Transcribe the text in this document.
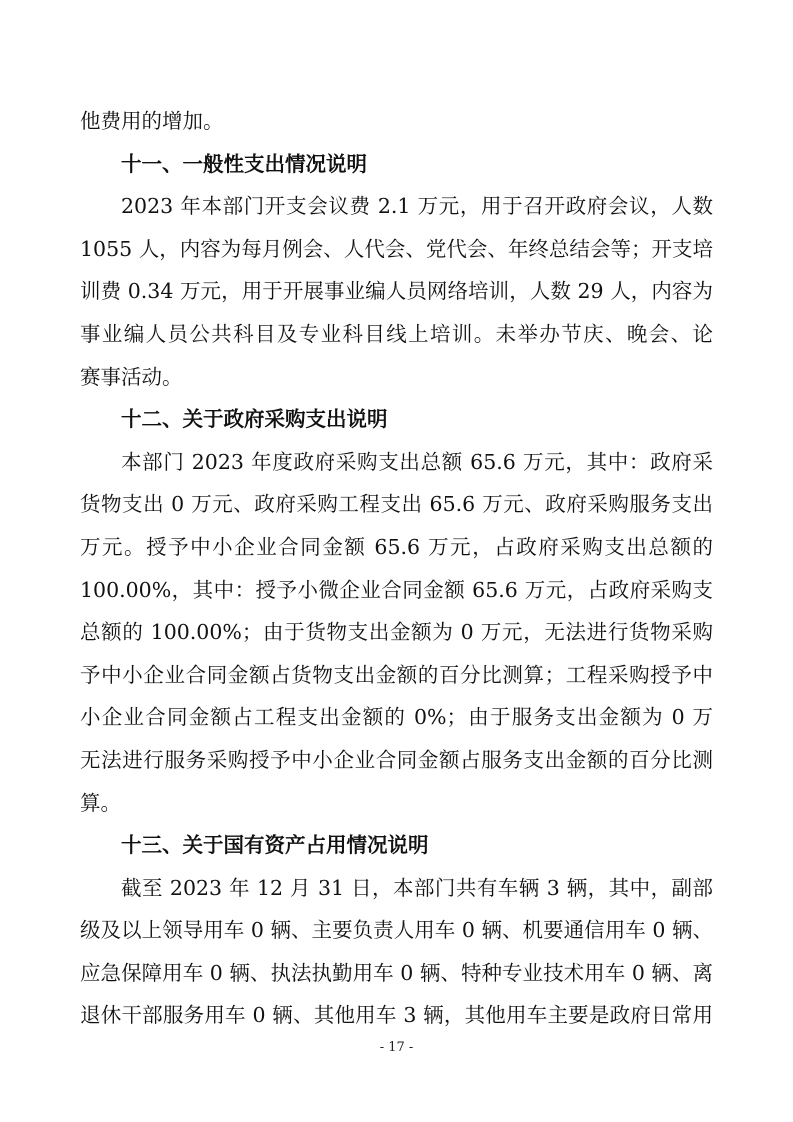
他费用的增加。

十一、一般性支出情况说明

2023 年本部门开支会议费 2.1 万元，用于召开政府会议，人数
1055 人，内容为每月例会、人代会、党代会、年终总结会等；开支培
训费 0.34 万元，用于开展事业编人员网络培训，人数 29 人，内容为
事业编人员公共科目及专业科目线上培训。未举办节庆、晚会、论
赛事活动。

十二、关于政府采购支出说明

本部门 2023 年度政府采购支出总额 65.6 万元，其中：政府采
货物支出 0 万元、政府采购工程支出 65.6 万元、政府采购服务支出
万元。授予中小企业合同金额 65.6 万元，占政府采购支出总额的
100.00%，其中：授予小微企业合同金额 65.6 万元，占政府采购支
总额的 100.00%；由于货物支出金额为 0 万元，无法进行货物采购
予中小企业合同金额占货物支出金额的百分比测算；工程采购授予中
小企业合同金额占工程支出金额的 0%；由于服务支出金额为 0 万
无法进行服务采购授予中小企业合同金额占服务支出金额的百分比测
算。

十三、关于国有资产占用情况说明

截至 2023 年 12 月 31 日，本部门共有车辆 3 辆，其中，副部
级及以上领导用车 0 辆、主要负责人用车 0 辆、机要通信用车 0 辆、
应急保障用车 0 辆、执法执勤用车 0 辆、特种专业技术用车 0 辆、离
退休干部服务用车 0 辆、其他用车 3 辆，其他用车主要是政府日常用

- 17 -
